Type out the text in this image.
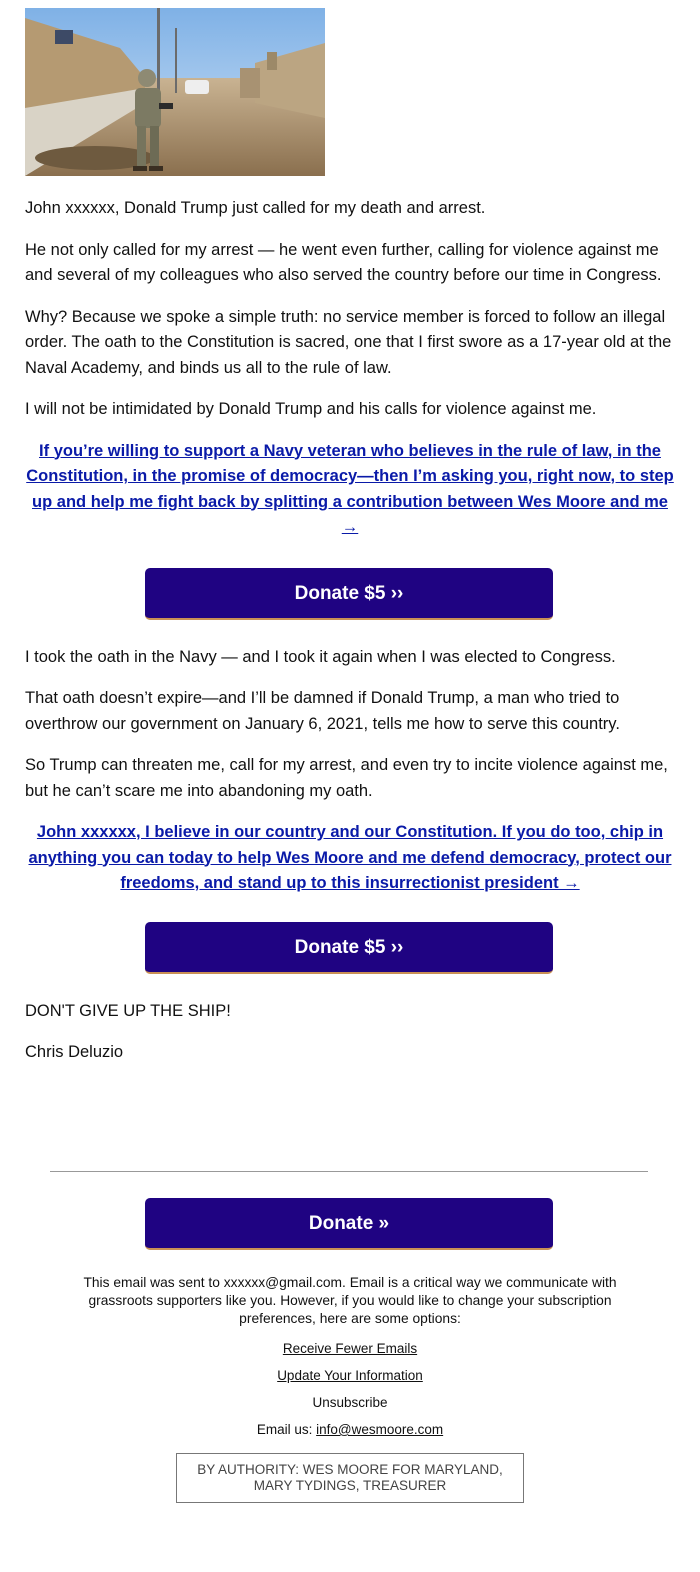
John xxxxxx, Donald Trump just called for my death and arrest.

He not only called for my arrest — he went even further, calling for violence against me and several of my colleagues who also served the country before our time in Congress.

Why? Because we spoke a simple truth: no service member is forced to follow an illegal order. The oath to the Constitution is sacred, one that I first swore as a 17-year old at the Naval Academy, and binds us all to the rule of law.

I will not be intimidated by Donald Trump and his calls for violence against me.

If you’re willing to support a Navy veteran who believes in the rule of law, in the Constitution, in the promise of democracy—then I’m asking you, right now, to step up and help me fight back by splitting a contribution between Wes Moore and me →
Donate $5 ››

I took the oath in the Navy — and I took it again when I was elected to Congress.

That oath doesn’t expire—and I’ll be damned if Donald Trump, a man who tried to overthrow our government on January 6, 2021, tells me how to serve this country.

So Trump can threaten me, call for my arrest, and even try to incite violence against me, but he can’t scare me into abandoning my oath.

John xxxxxx, I believe in our country and our Constitution. If you do too, chip in anything you can today to help Wes Moore and me defend democracy, protect our freedoms, and stand up to this insurrectionist president →
Donate $5 ››

DON'T GIVE UP THE SHIP!

Chris Deluzio

Donate »
This email was sent to xxxxxx@gmail.com. Email is a critical way we communicate with grassroots supporters like you. However, if you would like to change your subscription preferences, here are some options:
Receive Fewer Emails
Update Your Information
Unsubscribe
Email us: info@wesmoore.com
BY AUTHORITY: WES MOORE FOR MARYLAND, MARY TYDINGS, TREASURER
